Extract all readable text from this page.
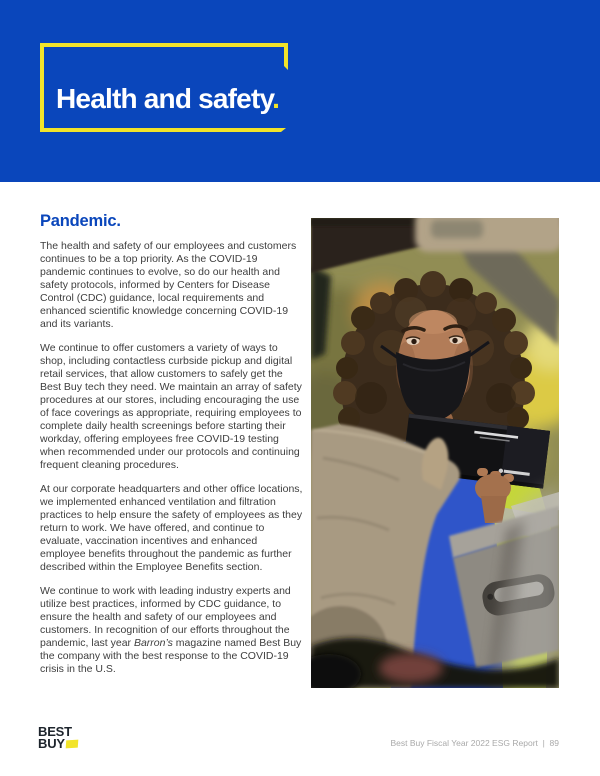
Health and safety.
Pandemic.

The health and safety of our employees and customers continues to be a top priority. As the COVID-19 pandemic continues to evolve, so do our health and safety protocols, informed by Centers for Disease Control (CDC) guidance, local requirements and enhanced scientific knowledge concerning COVID-19 and its variants.

We continue to offer customers a variety of ways to shop, including contactless curbside pickup and digital retail services, that allow customers to safely get the Best Buy tech they need. We maintain an array of safety procedures at our stores, including encouraging the use of face coverings as appropriate, requiring employees to complete daily health screenings before starting their workday, offering employees free COVID-19 testing when recommended under our protocols and continuing frequent cleaning procedures.

At our corporate headquarters and other office locations, we implemented enhanced ventilation and filtration practices to help ensure the safety of employees as they return to work. We have offered, and continue to evaluate, vaccination incentives and enhanced employee benefits throughout the pandemic as further described within the Employee Benefits section.

We continue to work with leading industry experts and utilize best practices, informed by CDC guidance, to ensure the health and safety of our employees and customers. In recognition of our efforts throughout the pandemic, last year Barron’s magazine named Best Buy the company with the best response to the COVID-19 crisis in the U.S.

BEST
BUY	Best Buy Fiscal Year 2022 ESG Report  |  89
